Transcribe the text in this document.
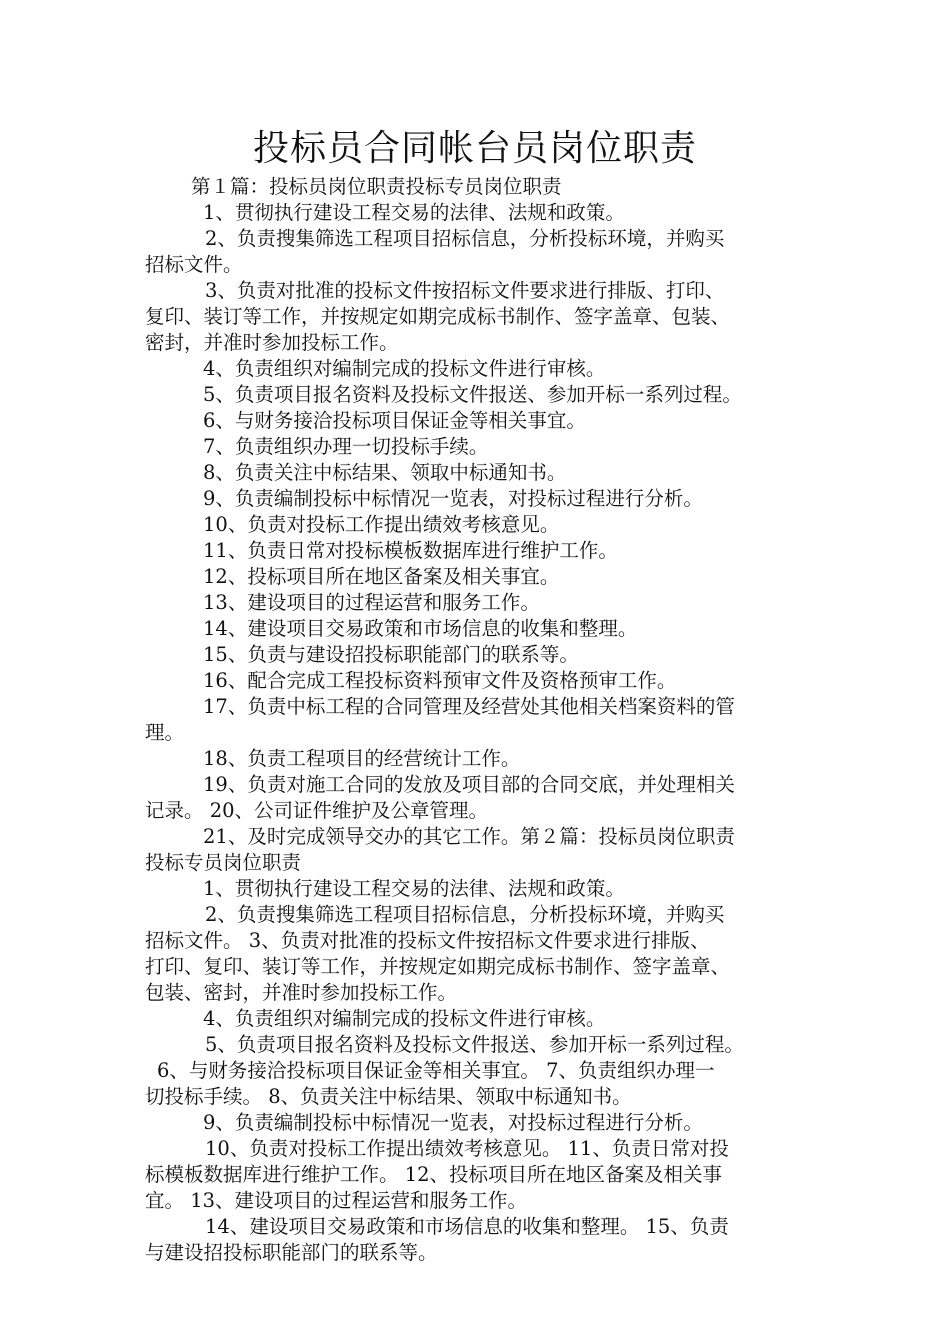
投标员合同帐台员岗位职责
第１篇：投标员岗位职责投标专员岗位职责
1、贯彻执行建设工程交易的法律、法规和政策。
2、负责搜集筛选工程项目招标信息，分析投标环境，并购买
招标文件。
3、负责对批准的投标文件按招标文件要求进行排版、打印、
复印、装订等工作，并按规定如期完成标书制作、签字盖章、包装、
密封，并准时参加投标工作。
4、负责组织对编制完成的投标文件进行审核。
5、负责项目报名资料及投标文件报送、参加开标一系列过程。
6、与财务接洽投标项目保证金等相关事宜。
7、负责组织办理一切投标手续。
8、负责关注中标结果、领取中标通知书。
9、负责编制投标中标情况一览表，对投标过程进行分析。
10、负责对投标工作提出绩效考核意见。
11、负责日常对投标模板数据库进行维护工作。
12、投标项目所在地区备案及相关事宜。
13、建设项目的过程运营和服务工作。
14、建设项目交易政策和市场信息的收集和整理。
15、负责与建设招投标职能部门的联系等。
16、配合完成工程投标资料预审文件及资格预审工作。
17、负责中标工程的合同管理及经营处其他相关档案资料的管
理。
18、负责工程项目的经营统计工作。
19、负责对施工合同的发放及项目部的合同交底，并处理相关
记录。 20、公司证件维护及公章管理。
21、及时完成领导交办的其它工作。第２篇：投标员岗位职责
投标专员岗位职责
1、贯彻执行建设工程交易的法律、法规和政策。
2、负责搜集筛选工程项目招标信息，分析投标环境，并购买
招标文件。 3、负责对批准的投标文件按招标文件要求进行排版、
打印、复印、装订等工作，并按规定如期完成标书制作、签字盖章、
包装、密封，并准时参加投标工作。
4、负责组织对编制完成的投标文件进行审核。
5、负责项目报名资料及投标文件报送、参加开标一系列过程。
6、与财务接洽投标项目保证金等相关事宜。 7、负责组织办理一
切投标手续。 8、负责关注中标结果、领取中标通知书。
9、负责编制投标中标情况一览表，对投标过程进行分析。
10、负责对投标工作提出绩效考核意见。 11、负责日常对投
标模板数据库进行维护工作。 12、投标项目所在地区备案及相关事
宜。 13、建设项目的过程运营和服务工作。
14、建设项目交易政策和市场信息的收集和整理。 15、负责
与建设招投标职能部门的联系等。
